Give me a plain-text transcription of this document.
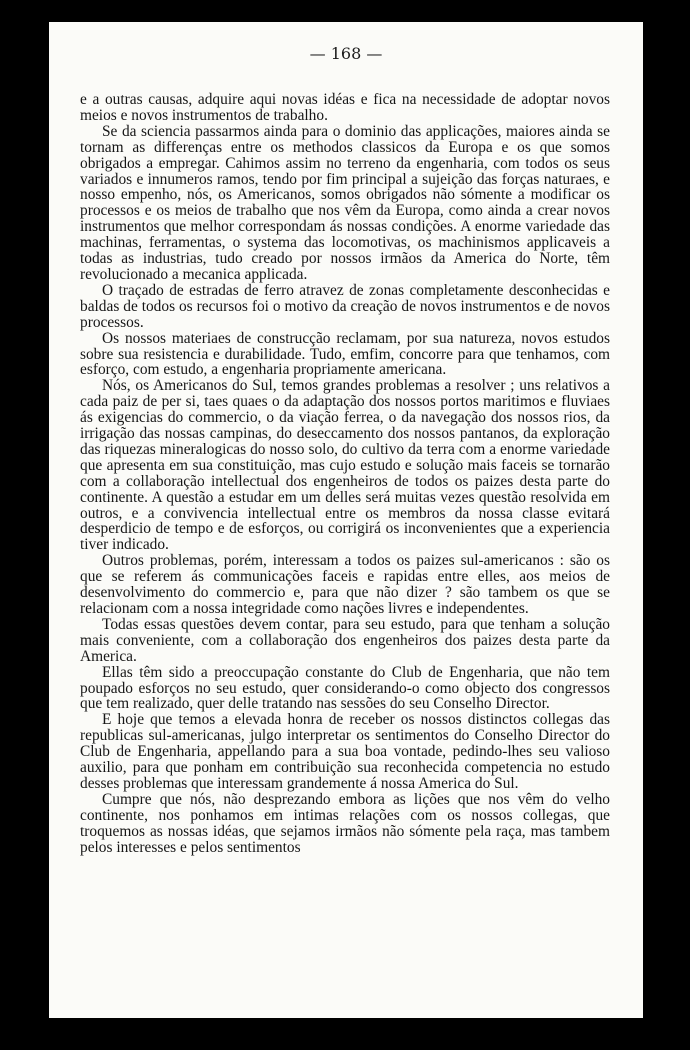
— 168 —

e a outras causas, adquire aqui novas idéas e fica na necessidade de adoptar novos meios e novos instrumentos de trabalho.

Se da sciencia passarmos ainda para o dominio das applicações, maiores ainda se tornam as differenças entre os methodos classicos da Europa e os que somos obrigados a empregar. Cahimos assim no terreno da engenharia, com todos os seus variados e innumeros ramos, tendo por fim principal a sujeição das forças naturaes, e nosso empenho, nós, os Americanos, somos obrigados não sómente a modificar os processos e os meios de trabalho que nos vêm da Europa, como ainda a crear novos instrumentos que melhor correspondam ás nossas condições. A enorme variedade das machinas, ferramentas, o systema das locomotivas, os machinismos applicaveis a todas as industrias, tudo creado por nossos irmãos da America do Norte, têm revolucionado a mecanica applicada.

O traçado de estradas de ferro atravez de zonas completamente desconhecidas e baldas de todos os recursos foi o motivo da creação de novos instrumentos e de novos processos.

Os nossos materiaes de construcção reclamam, por sua natureza, novos estudos sobre sua resistencia e durabilidade. Tudo, emfim, concorre para que tenhamos, com esforço, com estudo, a engenharia propriamente americana.

Nós, os Americanos do Sul, temos grandes problemas a resolver ; uns relativos a cada paiz de per si, taes quaes o da adaptação dos nossos portos maritimos e fluviaes ás exigencias do commercio, o da viação ferrea, o da navegação dos nossos rios, da irrigação das nossas campinas, do deseccamento dos nossos pantanos, da exploração das riquezas mineralogicas do nosso solo, do cultivo da terra com a enorme variedade que apresenta em sua constituição, mas cujo estudo e solução mais faceis se tornarão com a collaboração intellectual dos engenheiros de todos os paizes desta parte do continente. A questão a estudar em um delles será muitas vezes questão resolvida em outros, e a convivencia intellectual entre os membros da nossa classe evitará desperdicio de tempo e de esforços, ou corrigirá os inconvenientes que a experiencia tiver indicado.

Outros problemas, porém, interessam a todos os paizes sul-americanos : são os que se referem ás communicações faceis e rapidas entre elles, aos meios de desenvolvimento do commercio e, para que não dizer ? são tambem os que se relacionam com a nossa integridade como nações livres e independentes.

Todas essas questões devem contar, para seu estudo, para que tenham a solução mais conveniente, com a collaboração dos engenheiros dos paizes desta parte da America.

Ellas têm sido a preoccupação constante do Club de Engenharia, que não tem poupado esforços no seu estudo, quer considerando-o como objecto dos congressos que tem realizado, quer delle tratando nas sessões do seu Conselho Director.

E hoje que temos a elevada honra de receber os nossos distinctos collegas das republicas sul-americanas, julgo interpretar os sentimentos do Conselho Director do Club de Engenharia, appellando para a sua boa vontade, pedindo-lhes seu valioso auxilio, para que ponham em contribuição sua reconhecida competencia no estudo desses problemas que interessam grandemente á nossa America do Sul.

Cumpre que nós, não desprezando embora as lições que nos vêm do velho continente, nos ponhamos em intimas relações com os nossos collegas, que troquemos as nossas idéas, que sejamos irmãos não sómente pela raça, mas tambem pelos interesses e pelos sentimentos
